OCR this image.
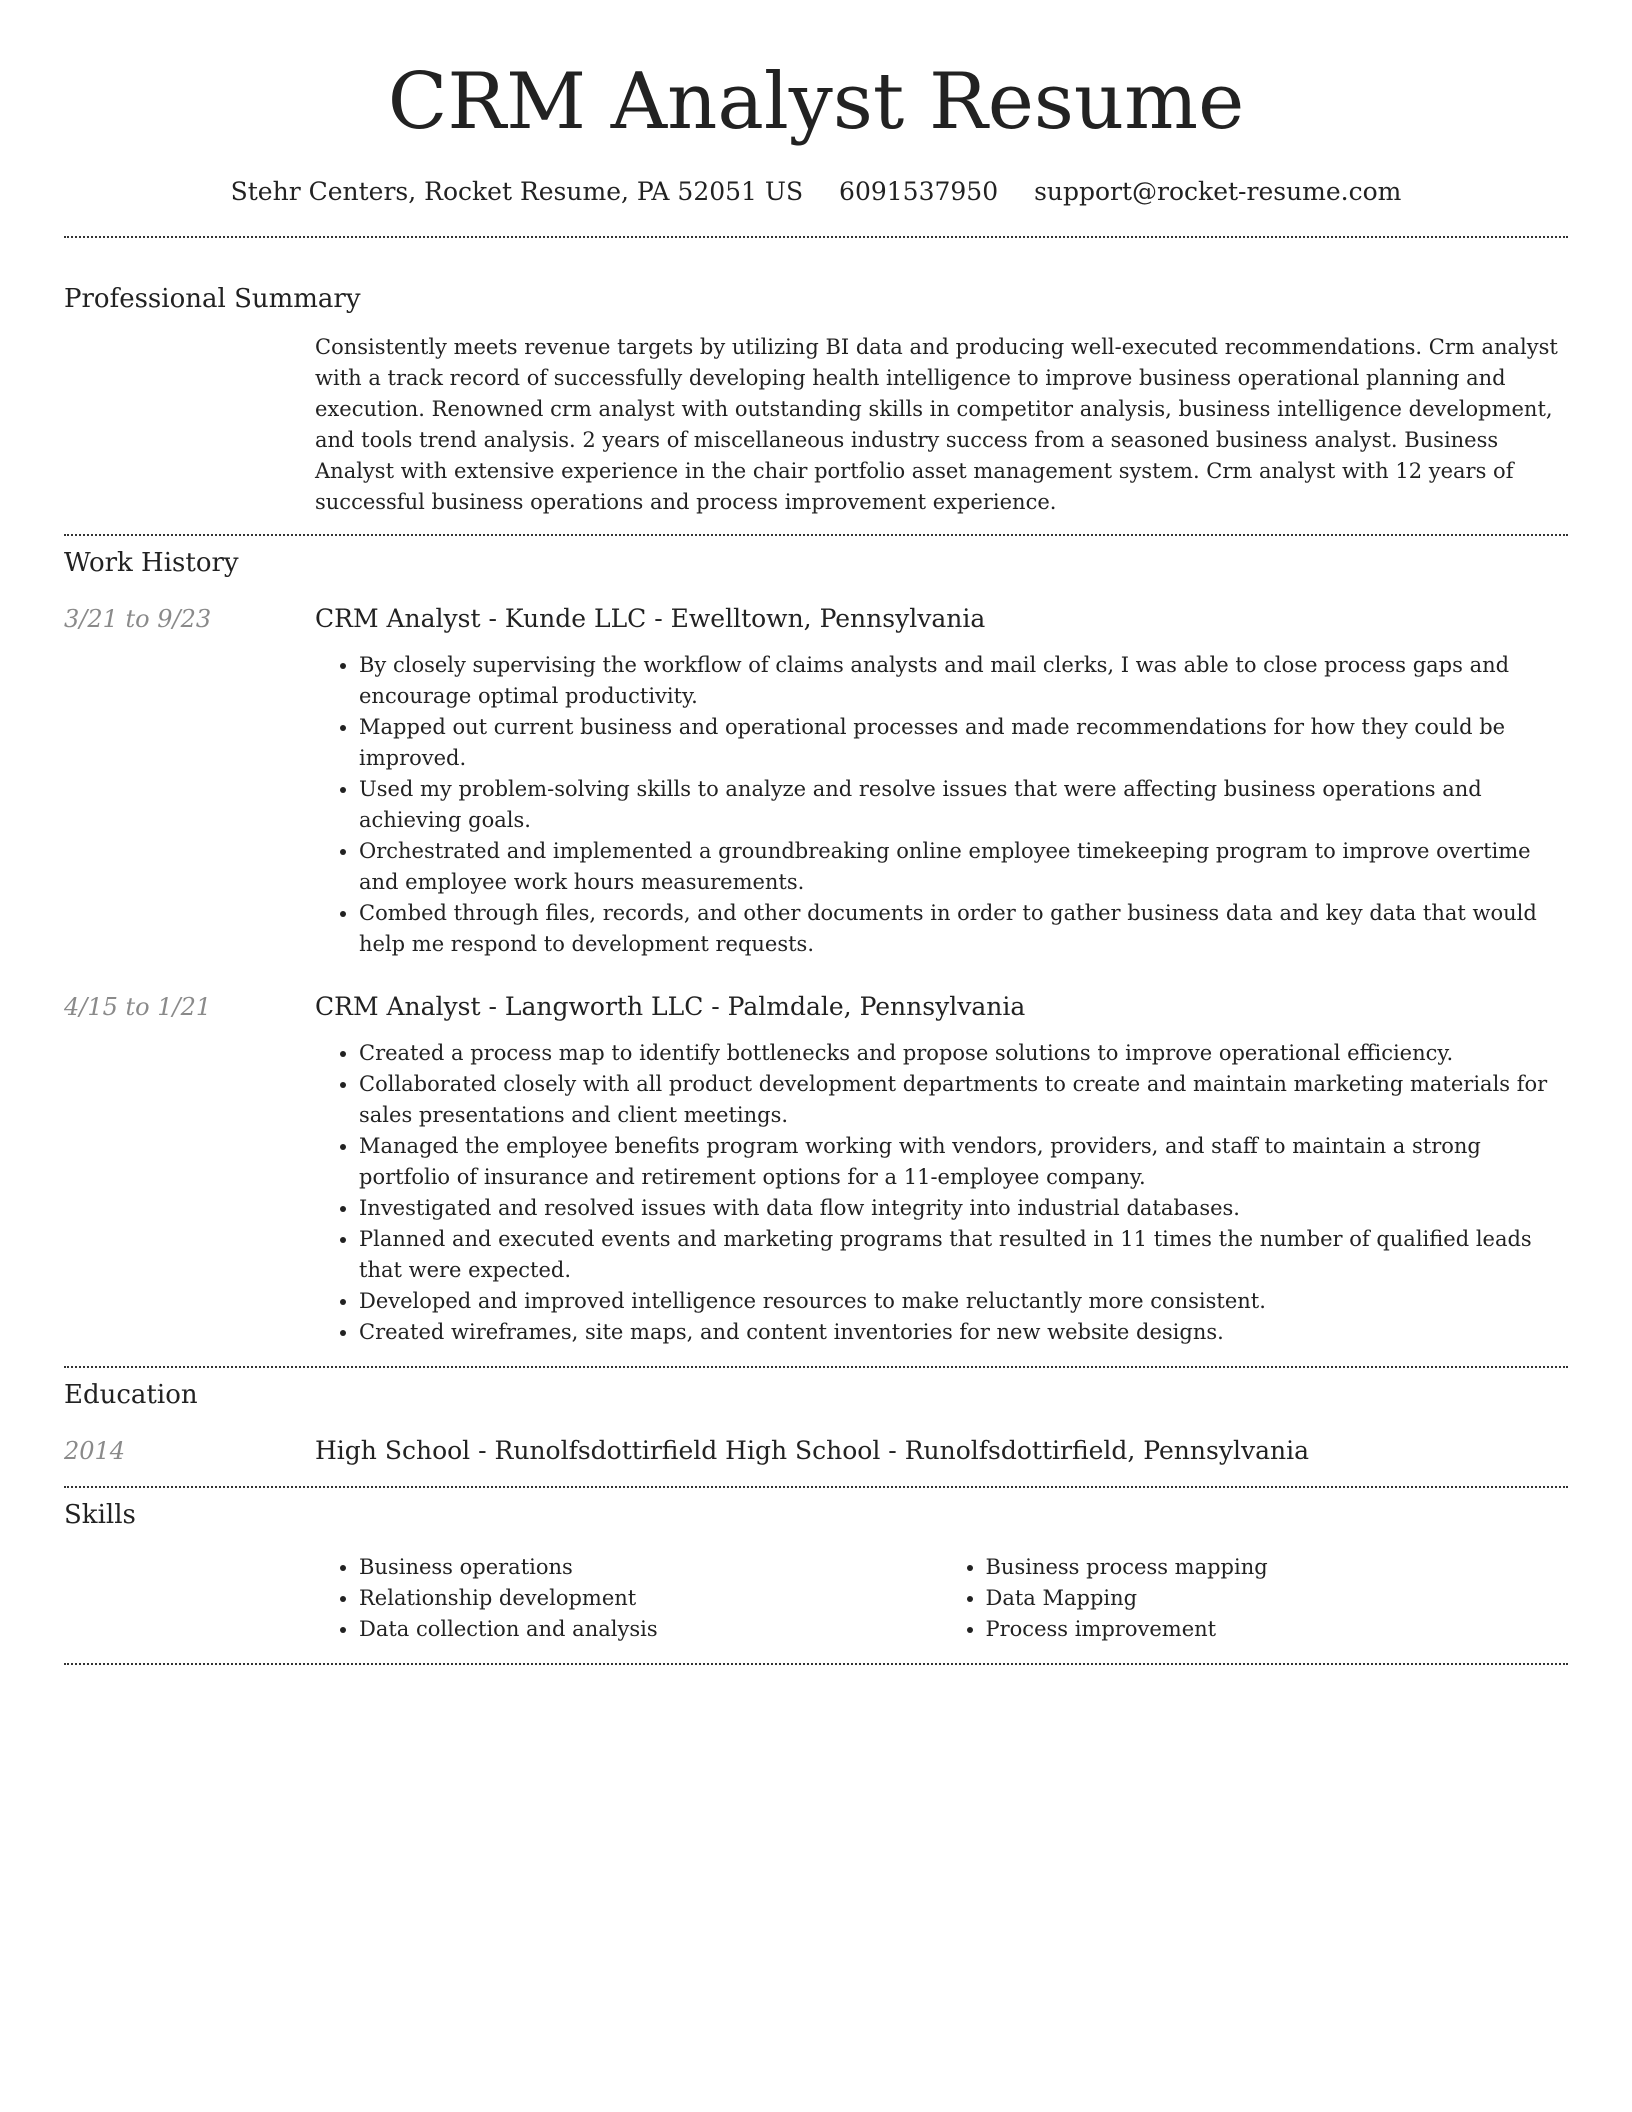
CRM Analyst Resume
Stehr Centers, Rocket Resume, PA 52051 US 6091537950 support@rocket-resume.com
Professional Summary
Consistently meets revenue targets by utilizing BI data and producing well-executed recommendations. Crm analyst with a track record of successfully developing health intelligence to improve business operational planning and execution. Renowned crm analyst with outstanding skills in competitor analysis, business intelligence development, and tools trend analysis. 2 years of miscellaneous industry success from a seasoned business analyst. Business Analyst with extensive experience in the chair portfolio asset management system. Crm analyst with 12 years of successful business operations and process improvement experience.
Work History
3/21 to 9/23	CRM Analyst - Kunde LLC - Ewelltown, Pennsylvania
• By closely supervising the workflow of claims analysts and mail clerks, I was able to close process gaps and encourage optimal productivity.
• Mapped out current business and operational processes and made recommendations for how they could be improved.
• Used my problem-solving skills to analyze and resolve issues that were affecting business operations and achieving goals.
• Orchestrated and implemented a groundbreaking online employee timekeeping program to improve overtime and employee work hours measurements.
• Combed through files, records, and other documents in order to gather business data and key data that would help me respond to development requests.
4/15 to 1/21	CRM Analyst - Langworth LLC - Palmdale, Pennsylvania
• Created a process map to identify bottlenecks and propose solutions to improve operational efficiency.
• Collaborated closely with all product development departments to create and maintain marketing materials for sales presentations and client meetings.
• Managed the employee benefits program working with vendors, providers, and staff to maintain a strong portfolio of insurance and retirement options for a 11-employee company.
• Investigated and resolved issues with data flow integrity into industrial databases.
• Planned and executed events and marketing programs that resulted in 11 times the number of qualified leads that were expected.
• Developed and improved intelligence resources to make reluctantly more consistent.
• Created wireframes, site maps, and content inventories for new website designs.
Education
2014	High School - Runolfsdottirfield High School - Runolfsdottirfield, Pennsylvania
Skills
• Business operations
• Relationship development
• Data collection and analysis
• Business process mapping
• Data Mapping
• Process improvement
